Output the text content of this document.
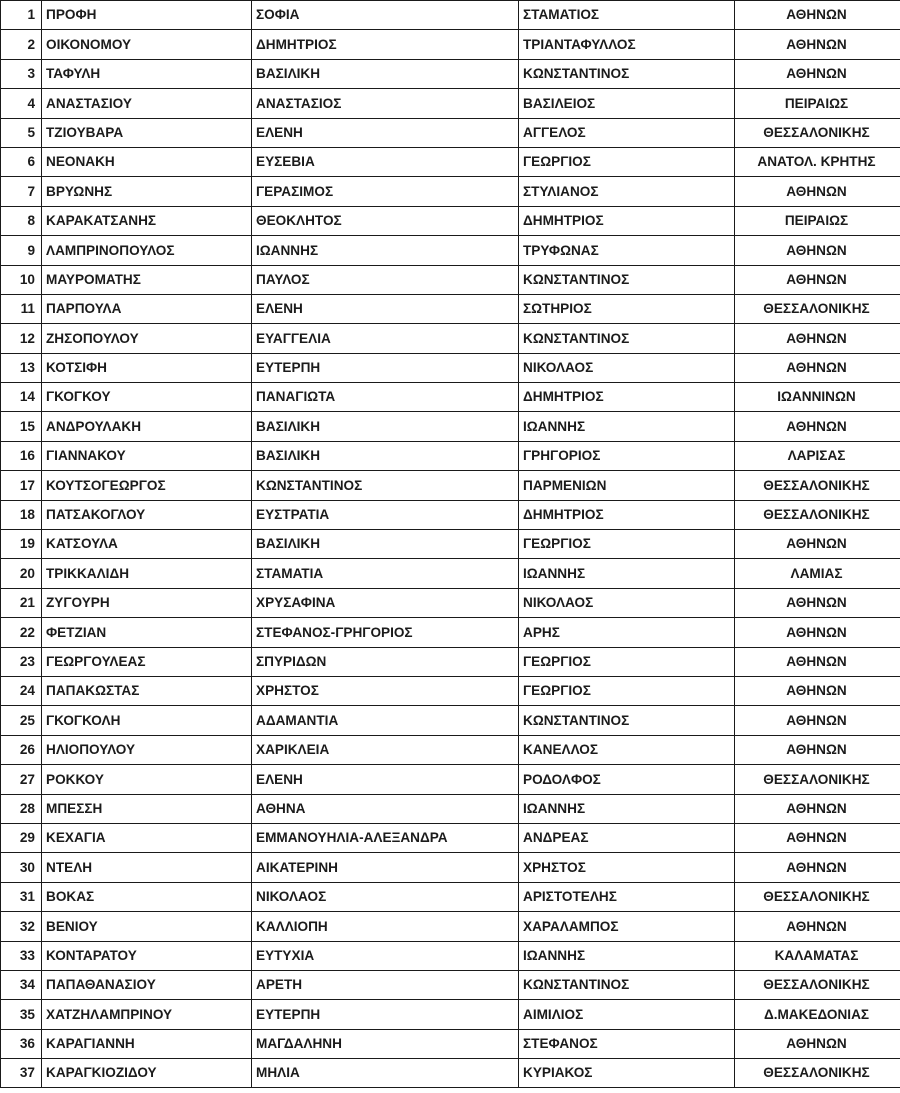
1	ΠΡΟΦΗ	ΣΟΦΙΑ	ΣΤΑΜΑΤΙΟΣ	ΑΘΗΝΩΝ
2	ΟΙΚΟΝΟΜΟΥ	ΔΗΜΗΤΡΙΟΣ	ΤΡΙΑΝΤΑΦΥΛΛΟΣ	ΑΘΗΝΩΝ
3	ΤΑΦΥΛΗ	ΒΑΣΙΛΙΚΗ	ΚΩΝΣΤΑΝΤΙΝΟΣ	ΑΘΗΝΩΝ
4	ΑΝΑΣΤΑΣΙΟΥ	ΑΝΑΣΤΑΣΙΟΣ	ΒΑΣΙΛΕΙΟΣ	ΠΕΙΡΑΙΩΣ
5	ΤΖΙΟΥΒΑΡΑ	ΕΛΕΝΗ	ΑΓΓΕΛΟΣ	ΘΕΣΣΑΛΟΝΙΚΗΣ
6	ΝΕΟΝΑΚΗ	ΕΥΣΕΒΙΑ	ΓΕΩΡΓΙΟΣ	ΑΝΑΤΟΛ. ΚΡΗΤΗΣ
7	ΒΡΥΩΝΗΣ	ΓΕΡΑΣΙΜΟΣ	ΣΤΥΛΙΑΝΟΣ	ΑΘΗΝΩΝ
8	ΚΑΡΑΚΑΤΣΑΝΗΣ	ΘΕΟΚΛΗΤΟΣ	ΔΗΜΗΤΡΙΟΣ	ΠΕΙΡΑΙΩΣ
9	ΛΑΜΠΡΙΝΟΠΟΥΛΟΣ	ΙΩΑΝΝΗΣ	ΤΡΥΦΩΝΑΣ	ΑΘΗΝΩΝ
10	ΜΑΥΡΟΜΑΤΗΣ	ΠΑΥΛΟΣ	ΚΩΝΣΤΑΝΤΙΝΟΣ	ΑΘΗΝΩΝ
11	ΠΑΡΠΟΥΛΑ	ΕΛΕΝΗ	ΣΩΤΗΡΙΟΣ	ΘΕΣΣΑΛΟΝΙΚΗΣ
12	ΖΗΣΟΠΟΥΛΟΥ	ΕΥΑΓΓΕΛΙΑ	ΚΩΝΣΤΑΝΤΙΝΟΣ	ΑΘΗΝΩΝ
13	ΚΟΤΣΙΦΗ	ΕΥΤΕΡΠΗ	ΝΙΚΟΛΑΟΣ	ΑΘΗΝΩΝ
14	ΓΚΟΓΚΟΥ	ΠΑΝΑΓΙΩΤΑ	ΔΗΜΗΤΡΙΟΣ	ΙΩΑΝΝΙΝΩΝ
15	ΑΝΔΡΟΥΛΑΚΗ	ΒΑΣΙΛΙΚΗ	ΙΩΑΝΝΗΣ	ΑΘΗΝΩΝ
16	ΓΙΑΝΝΑΚΟΥ	ΒΑΣΙΛΙΚΗ	ΓΡΗΓΟΡΙΟΣ	ΛΑΡΙΣΑΣ
17	ΚΟΥΤΣΟΓΕΩΡΓΟΣ	ΚΩΝΣΤΑΝΤΙΝΟΣ	ΠΑΡΜΕΝΙΩΝ	ΘΕΣΣΑΛΟΝΙΚΗΣ
18	ΠΑΤΣΑΚΟΓΛΟΥ	ΕΥΣΤΡΑΤΙΑ	ΔΗΜΗΤΡΙΟΣ	ΘΕΣΣΑΛΟΝΙΚΗΣ
19	ΚΑΤΣΟΥΛΑ	ΒΑΣΙΛΙΚΗ	ΓΕΩΡΓΙΟΣ	ΑΘΗΝΩΝ
20	ΤΡΙΚΚΑΛΙΔΗ	ΣΤΑΜΑΤΙΑ	ΙΩΑΝΝΗΣ	ΛΑΜΙΑΣ
21	ΖΥΓΟΥΡΗ	ΧΡΥΣΑΦΙΝΑ	ΝΙΚΟΛΑΟΣ	ΑΘΗΝΩΝ
22	ΦΕΤΖΙΑΝ	ΣΤΕΦΑΝΟΣ-ΓΡΗΓΟΡΙΟΣ	ΑΡΗΣ	ΑΘΗΝΩΝ
23	ΓΕΩΡΓΟΥΛΕΑΣ	ΣΠΥΡΙΔΩΝ	ΓΕΩΡΓΙΟΣ	ΑΘΗΝΩΝ
24	ΠΑΠΑΚΩΣΤΑΣ	ΧΡΗΣΤΟΣ	ΓΕΩΡΓΙΟΣ	ΑΘΗΝΩΝ
25	ΓΚΟΓΚΟΛΗ	ΑΔΑΜΑΝΤΙΑ	ΚΩΝΣΤΑΝΤΙΝΟΣ	ΑΘΗΝΩΝ
26	ΗΛΙΟΠΟΥΛΟΥ	ΧΑΡΙΚΛΕΙΑ	ΚΑΝΕΛΛΟΣ	ΑΘΗΝΩΝ
27	ΡΟΚΚΟΥ	ΕΛΕΝΗ	ΡΟΔΟΛΦΟΣ	ΘΕΣΣΑΛΟΝΙΚΗΣ
28	ΜΠΕΣΣΗ	ΑΘΗΝΑ	ΙΩΑΝΝΗΣ	ΑΘΗΝΩΝ
29	ΚΕΧΑΓΙΑ	ΕΜΜΑΝΟΥΗΛΙΑ-ΑΛΕΞΑΝΔΡΑ	ΑΝΔΡΕΑΣ	ΑΘΗΝΩΝ
30	ΝΤΕΛΗ	ΑΙΚΑΤΕΡΙΝΗ	ΧΡΗΣΤΟΣ	ΑΘΗΝΩΝ
31	ΒΟΚΑΣ	ΝΙΚΟΛΑΟΣ	ΑΡΙΣΤΟΤΕΛΗΣ	ΘΕΣΣΑΛΟΝΙΚΗΣ
32	ΒΕΝΙΟΥ	ΚΑΛΛΙΟΠΗ	ΧΑΡΑΛΑΜΠΟΣ	ΑΘΗΝΩΝ
33	ΚΟΝΤΑΡΑΤΟΥ	ΕΥΤΥΧΙΑ	ΙΩΑΝΝΗΣ	ΚΑΛΑΜΑΤΑΣ
34	ΠΑΠΑΘΑΝΑΣΙΟΥ	ΑΡΕΤΗ	ΚΩΝΣΤΑΝΤΙΝΟΣ	ΘΕΣΣΑΛΟΝΙΚΗΣ
35	ΧΑΤΖΗΛΑΜΠΡΙΝΟΥ	ΕΥΤΕΡΠΗ	ΑΙΜΙΛΙΟΣ	Δ.ΜΑΚΕΔΟΝΙΑΣ
36	ΚΑΡΑΓΙΑΝΝΗ	ΜΑΓΔΑΛΗΝΗ	ΣΤΕΦΑΝΟΣ	ΑΘΗΝΩΝ
37	ΚΑΡΑΓΚΙΟΖΙΔΟΥ	ΜΗΛΙΑ	ΚΥΡΙΑΚΟΣ	ΘΕΣΣΑΛΟΝΙΚΗΣ
